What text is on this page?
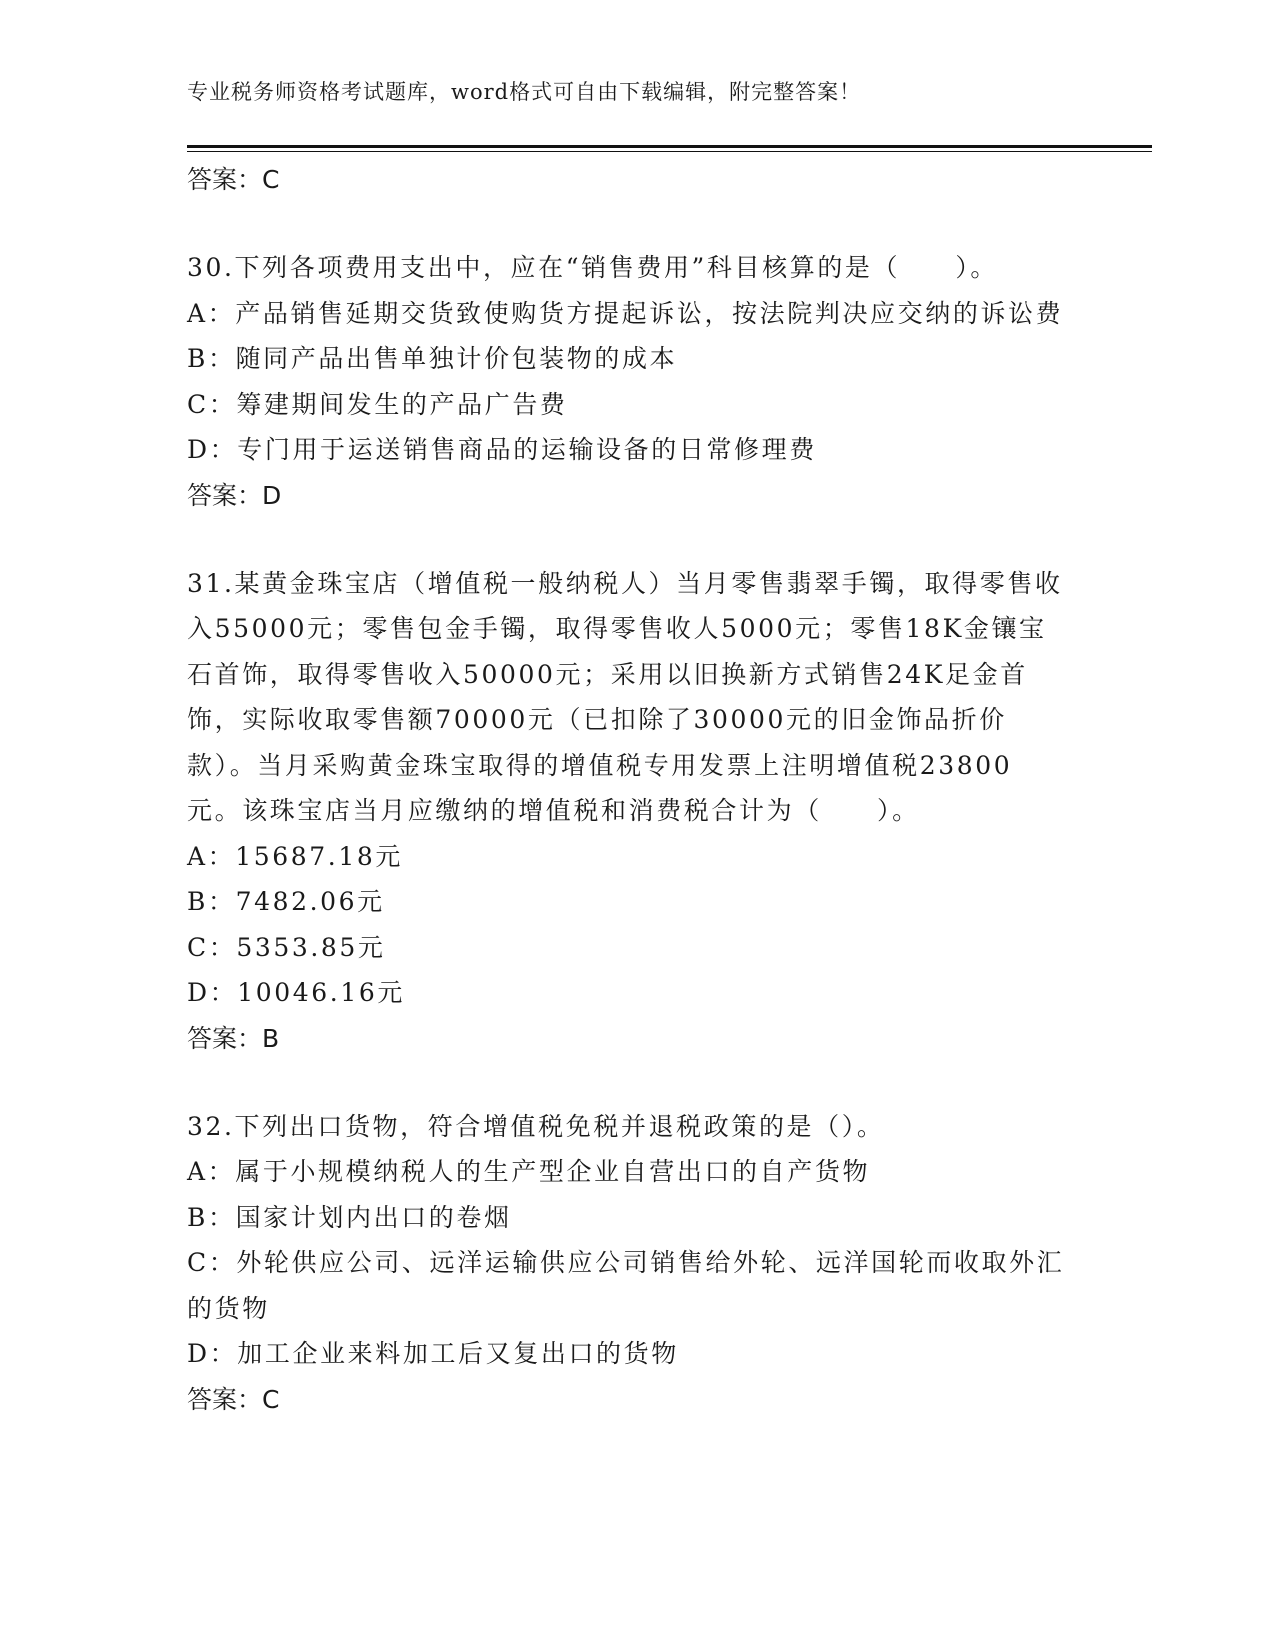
专业税务师资格考试题库，word格式可自由下载编辑，附完整答案！
答案：C
30.下列各项费用支出中，应在“销售费用”科目核算的是（　　）。
A：产品销售延期交货致使购货方提起诉讼，按法院判决应交纳的诉讼费
B：随同产品出售单独计价包装物的成本
C：筹建期间发生的产品广告费
D：专门用于运送销售商品的运输设备的日常修理费
答案：D
31.某黄金珠宝店（增值税一般纳税人）当月零售翡翠手镯，取得零售收入55000元；零售包金手镯，取得零售收人5000元；零售18K金镶宝石首饰，取得零售收入50000元；采用以旧换新方式销售24K足金首饰，实际收取零售额70000元（已扣除了30000元的旧金饰品折价款）。当月采购黄金珠宝取得的增值税专用发票上注明增值税23800元。该珠宝店当月应缴纳的增值税和消费税合计为（　　）。
A：15687.18元
B：7482.06元
C：5353.85元
D：10046.16元
答案：B
32.下列出口货物，符合增值税免税并退税政策的是（）。
A：属于小规模纳税人的生产型企业自营出口的自产货物
B：国家计划内出口的卷烟
C：外轮供应公司、远洋运输供应公司销售给外轮、远洋国轮而收取外汇的货物
D：加工企业来料加工后又复出口的货物
答案：C
